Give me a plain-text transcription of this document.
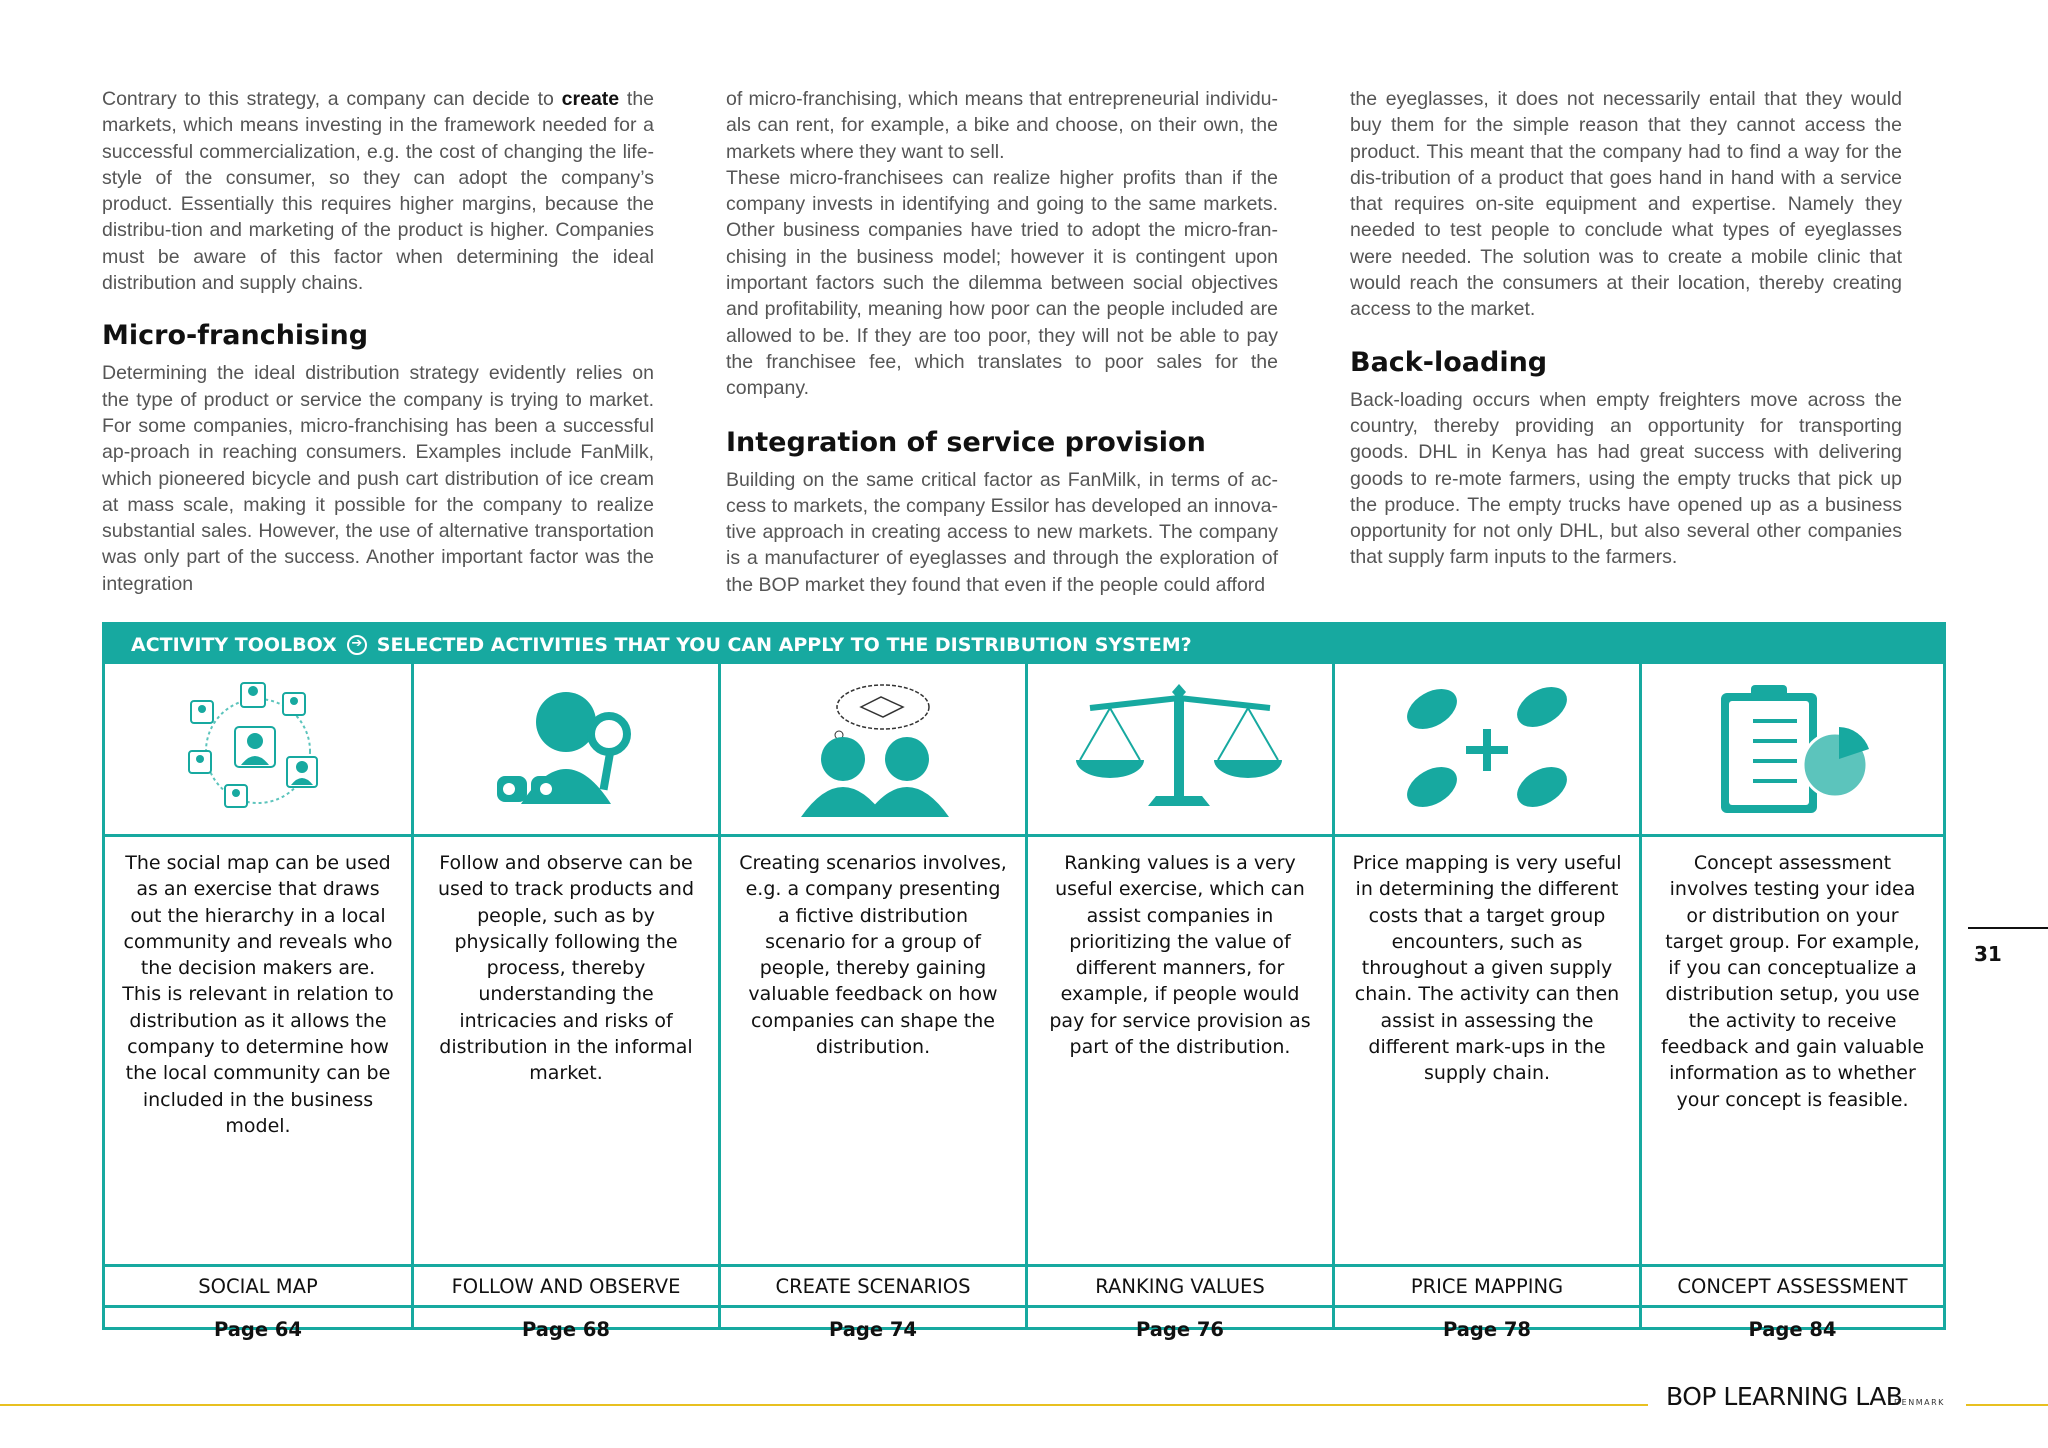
Contrary to this strategy, a company can decide to create the markets, which means investing in the framework needed for a successful commercialization, e.g. the cost of changing the life-style of the consumer, so they can adopt the company’s product. Essentially this requires higher margins, because the distribu-tion and marketing of the product is higher. Companies must be aware of this factor when determining the ideal distribution and supply chains.

Micro-franchising

Determining the ideal distribution strategy evidently relies on the type of product or service the company is trying to market. For some companies, micro-franchising has been a successful ap-proach in reaching consumers. Examples include FanMilk, which pioneered bicycle and push cart distribution of ice cream at mass scale, making it possible for the company to realize substantial sales. However, the use of alternative transportation was only part of the success. Another important factor was the integration

of micro-franchising, which means that entrepreneurial individu-als can rent, for example, a bike and choose, on their own, the markets where they want to sell.

These micro-franchisees can realize higher profits than if the company invests in identifying and going to the same markets. Other business companies have tried to adopt the micro-fran-chising in the business model; however it is contingent upon important factors such the dilemma between social objectives and profitability, meaning how poor can the people included are allowed to be. If they are too poor, they will not be able to pay the franchisee fee, which translates to poor sales for the company.

Integration of service provision

Building on the same critical factor as FanMilk, in terms of ac-cess to markets, the company Essilor has developed an innova-tive approach in creating access to new markets. The company is a manufacturer of eyeglasses and through the exploration of the BOP market they found that even if the people could afford

the eyeglasses, it does not necessarily entail that they would buy them for the simple reason that they cannot access the product. This meant that the company had to find a way for the dis-tribution of a product that goes hand in hand with a service that requires on-site equipment and expertise. Namely they needed to test people to conclude what types of eyeglasses were needed. The solution was to create a mobile clinic that would reach the consumers at their location, thereby creating access to the market.

Back-loading

Back-loading occurs when empty freighters move across the country, thereby providing an opportunity for transporting goods. DHL in Kenya has had great success with delivering goods to re-mote farmers, using the empty trucks that pick up the produce. The empty trucks have opened up as a business opportunity for not only DHL, but also several other companies that supply farm inputs to the farmers.

ACTIVITY TOOLBOX	➔ SELECTED ACTIVITIES THAT YOU CAN APPLY TO THE DISTRIBUTION SYSTEM?
The social map can be used as an exercise that draws out the hierarchy in a local community and reveals who the decision makers are. This is relevant in relation to distribution as it allows the company to determine how the local community can be included in the business model.
SOCIAL MAP
Page 64
Follow and observe can be used to track products and people, such as by physically following the process, thereby understanding the intricacies and risks of distribution in the informal market.
FOLLOW AND OBSERVE
Page 68
Creating scenarios involves, e.g. a company presenting a fictive distribution scenario for a group of people, thereby gaining valuable feedback on how companies can shape the distribution.
CREATE SCENARIOS
Page 74
Ranking values is a very useful exercise, which can assist companies in prioritizing the value of different manners, for example, if people would pay for service provision as part of the distribution.
RANKING VALUES
Page 76
Price mapping is very useful in determining the different costs that a target group encounters, such as throughout a given supply chain. The activity can then assist in assessing the different mark-ups in the supply chain.
PRICE MAPPING
Page 78
Concept assessment involves testing your idea or distribution on your target group. For example, if you can conceptualize a distribution setup, you use the activity to receive feedback and gain valuable information as to whether your concept is feasible.
CONCEPT ASSESSMENT
Page 84
31
BOP LEARNING LAB
DENMARK
